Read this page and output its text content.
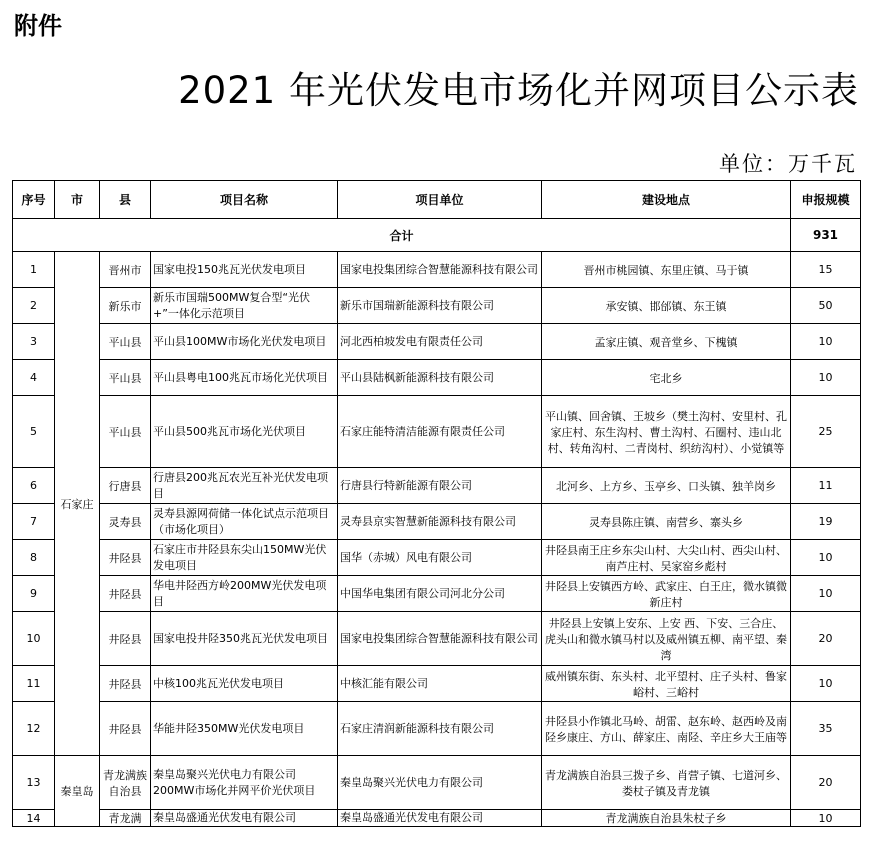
附件
2021 年光伏发电市场化并网项目公示表
单位：万千瓦
序号	市	县	项目名称	项目单位	建设地点	申报规模
合计						931
1	石家庄	晋州市	国家电投150兆瓦光伏发电项目	国家电投集团综合智慧能源科技有限公司	晋州市桃园镇、东里庄镇、马于镇	15
2		新乐市	新乐市国瑞500MW复合型“光伏+”一体化示范项目	新乐市国瑞新能源科技有限公司	承安镇、邯邰镇、东王镇	50
3		平山县	平山县100MW市场化光伏发电项目	河北西柏坡发电有限责任公司	孟家庄镇、观音堂乡、下槐镇	10
4		平山县	平山县粤电100兆瓦市场化光伏项目	平山县陆枫新能源科技有限公司	宅北乡	10
5		平山县	平山县500兆瓦市场化光伏项目	石家庄能特清洁能源有限责任公司	平山镇、回舍镇、王坡乡（樊土沟村、安里村、孔家庄村、东生沟村、曹土沟村、石圈村、违山北村、转角沟村、二青岗村、织纺沟村）、小觉镇等	25
6		行唐县	行唐县200兆瓦农光互补光伏发电项目	行唐县行特新能源有限公司	北河乡、上方乡、玉亭乡、口头镇、独羊岗乡	11
7		灵寿县	灵寿县源网荷储一体化试点示范项目（市场化项目）	灵寿县京实智慧新能源科技有限公司	灵寿县陈庄镇、南营乡、寨头乡	19
8		井陉县	石家庄市井陉县东尖山150MW光伏发电项目	国华（赤城）风电有限公司	井陉县南王庄乡东尖山村、大尖山村、西尖山村、南芦庄村、吴家窑乡彪村	10
9		井陉县	华电井陉西方岭200MW光伏发电项目	中国华电集团有限公司河北分公司	井陉县上安镇西方岭、武家庄、白王庄，微水镇微新庄村	10
10		井陉县	国家电投井陉350兆瓦光伏发电项目	国家电投集团综合智慧能源科技有限公司	井陉县上安镇上安东、上安 西、下安、三合庄、虎头山和微水镇马村以及威州镇五柳、南平望、秦湾	20
11		井陉县	中核100兆瓦光伏发电项目	中核汇能有限公司	威州镇东街、东头村、北平望村、庄子头村、鲁家峪村、三峪村	10
12		井陉县	华能井陉350MW光伏发电项目	石家庄清润新能源科技有限公司	井陉县小作镇北马岭、胡雷、赵东岭、赵西岭及南陉乡康庄、方山、薛家庄、南陉、辛庄乡大王庙等	35
13	秦皇岛	青龙满族自治县	秦皇岛聚兴光伏电力有限公司200MW市场化并网平价光伏项目	秦皇岛聚兴光伏电力有限公司	青龙满族自治县三拨子乡、肖营子镇、七道河乡、娄杖子镇及青龙镇	20
14		青龙满	秦皇岛盛通光伏发电有限公司	秦皇岛盛通光伏发电有限公司	青龙满族自治县朱杖子乡	10
